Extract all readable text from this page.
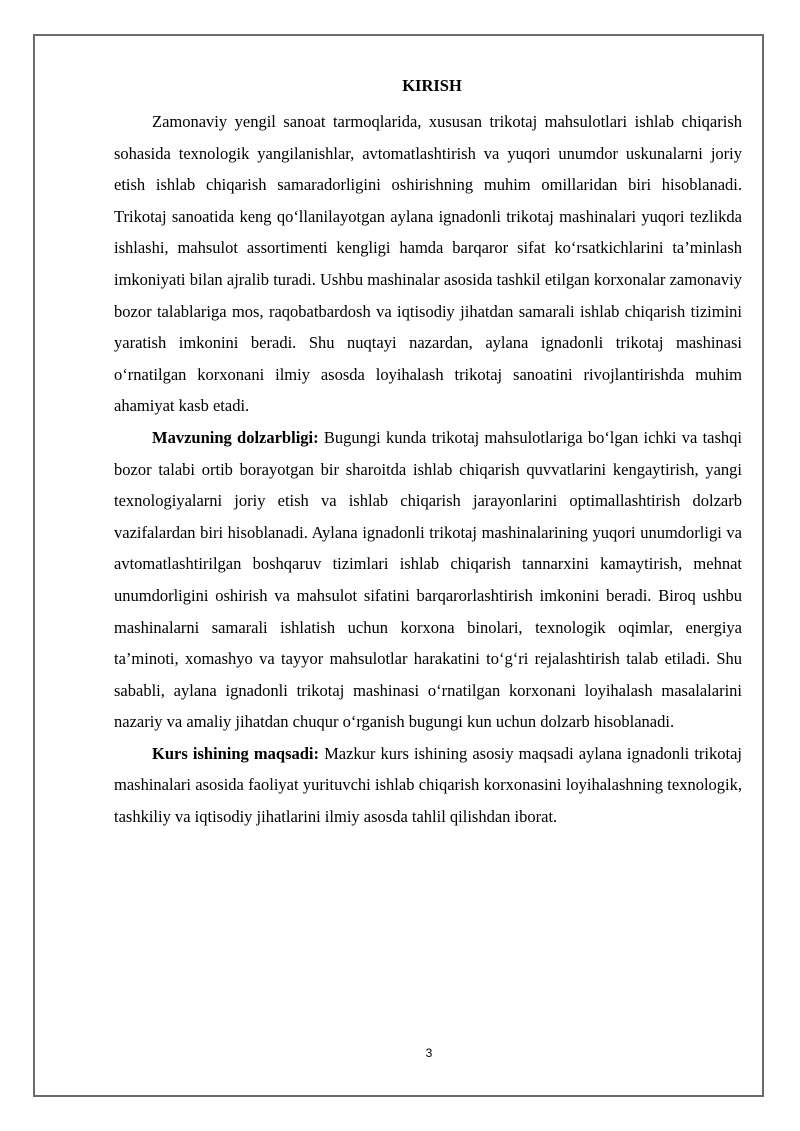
KIRISH

Zamonaviy yengil sanoat tarmoqlarida, xususan trikotaj mahsulotlari ishlab chiqarish sohasida texnologik yangilanishlar, avtomatlashtirish va yuqori unumdor uskunalarni joriy etish ishlab chiqarish samaradorligini oshirishning muhim omillaridan biri hisoblanadi. Trikotaj sanoatida keng qo‘llanilayotgan aylana ignadonli trikotaj mashinalari yuqori tezlikda ishlashi, mahsulot assortimenti kengligi hamda barqaror sifat ko‘rsatkichlarini ta’minlash imkoniyati bilan ajralib turadi. Ushbu mashinalar asosida tashkil etilgan korxonalar zamonaviy bozor talablariga mos, raqobatbardosh va iqtisodiy jihatdan samarali ishlab chiqarish tizimini yaratish imkonini beradi. Shu nuqtayi nazardan, aylana ignadonli trikotaj mashinasi o‘rnatilgan korxonani ilmiy asosda loyihalash trikotaj sanoatini rivojlantirishda muhim ahamiyat kasb etadi.

Mavzuning dolzarbligi: Bugungi kunda trikotaj mahsulotlariga bo‘lgan ichki va tashqi bozor talabi ortib borayotgan bir sharoitda ishlab chiqarish quvvatlarini kengaytirish, yangi texnologiyalarni joriy etish va ishlab chiqarish jarayonlarini optimallashtirish dolzarb vazifalardan biri hisoblanadi. Aylana ignadonli trikotaj mashinalarining yuqori unumdorligi va avtomatlashtirilgan boshqaruv tizimlari ishlab chiqarish tannarxini kamaytirish, mehnat unumdorligini oshirish va mahsulot sifatini barqarorlashtirish imkonini beradi. Biroq ushbu mashinalarni samarali ishlatish uchun korxona binolari, texnologik oqimlar, energiya ta’minoti, xomashyo va tayyor mahsulotlar harakatini to‘g‘ri rejalashtirish talab etiladi. Shu sababli, aylana ignadonli trikotaj mashinasi o‘rnatilgan korxonani loyihalash masalalarini nazariy va amaliy jihatdan chuqur o‘rganish bugungi kun uchun dolzarb hisoblanadi.

Kurs ishining maqsadi: Mazkur kurs ishining asosiy maqsadi aylana ignadonli trikotaj mashinalari asosida faoliyat yurituvchi ishlab chiqarish korxonasini loyihalashning texnologik, tashkiliy va iqtisodiy jihatlarini ilmiy asosda tahlil qilishdan iborat.

3
